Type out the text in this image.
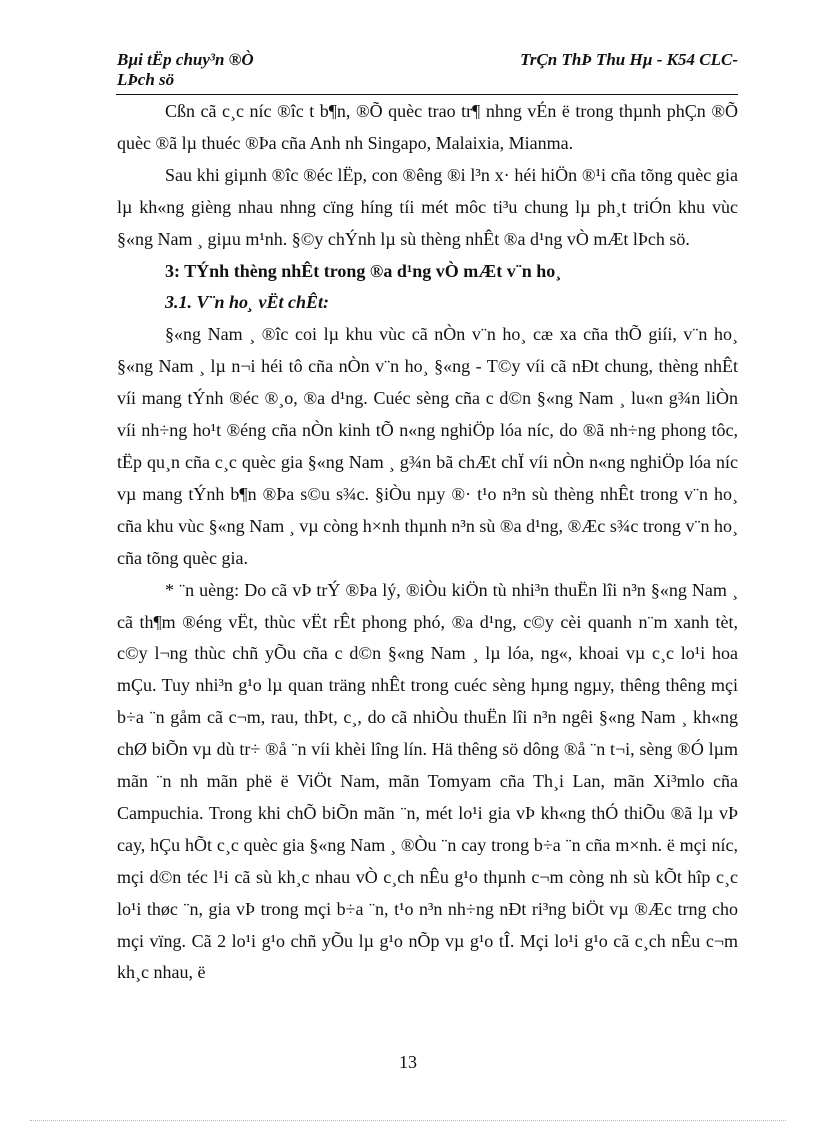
Bµi tËp chuy³n ®Ò
LÞch sö
TrÇn ThÞ Thu Hµ - K54 CLC-

Cßn cã c¸c níc ®îc t b¶n, ®Õ quèc trao tr¶ nhng vÉn ë trong thµnh phÇn ®Õ quèc ®ã lµ thuéc ®Þa cña Anh nh Singapo, Malaixia, Mianma.

Sau khi giµnh ®îc ®éc lËp, con ®êng ®i l³n x· héi hiÖn ®¹i cña tõng quèc gia lµ kh«ng gièng nhau nhng cïng híng tíi mét môc ti³u chung lµ ph¸t triÓn khu vùc §«ng Nam ¸ giµu m¹nh. §©y chÝnh lµ sù thèng nhÊt ®a d¹ng vÒ mÆt lÞch sö.

3: TÝnh thèng nhÊt trong ®a d¹ng vÒ mÆt v¨n ho¸

3.1. V¨n ho¸ vËt chÊt:

§«ng Nam ¸ ®îc coi lµ khu vùc cã nÒn v¨n ho¸ cæ xa cña thÕ giíi, v¨n ho¸ §«ng Nam ¸ lµ n¬i héi tô cña nÒn v¨n ho¸ §«ng - T©y víi cã nÐt chung, thèng nhÊt víi mang tÝnh ®éc ®¸o, ®a d¹ng. Cuéc sèng cña c d©n §«ng Nam ¸ lu«n g¾n liÒn víi nh÷ng ho¹t ®éng cña nÒn kinh tÕ n«ng nghiÖp lóa níc, do ®ã nh÷ng phong tôc, tËp qu¸n cña c¸c quèc gia §«ng Nam ¸ g¾n bã chÆt chÏ víi nÒn n«ng nghiÖp lóa níc vµ mang tÝnh b¶n ®Þa s©u s¾c. §iÒu nµy ®· t¹o n³n sù thèng nhÊt trong v¨n ho¸ cña khu vùc §«ng Nam ¸ vµ còng h×nh thµnh n³n sù ®a d¹ng, ®Æc s¾c trong v¨n ho¸ cña tõng quèc gia.

* ¨n uèng: Do cã vÞ trÝ ®Þa lý, ®iÒu kiÖn tù nhi³n thuËn lîi n³n §«ng Nam ¸ cã th¶m ®éng vËt, thùc vËt rÊt phong phó, ®a d¹ng, c©y cèi quanh n¨m xanh tèt, c©y l¬ng thùc chñ yÕu cña c d©n §«ng Nam ¸ lµ lóa, ng«, khoai vµ c¸c lo¹i hoa mÇu. Tuy nhi³n g¹o lµ quan träng nhÊt trong cuéc sèng hµng ngµy, thêng thêng mçi b÷a ¨n gåm cã c¬m, rau, thÞt, c¸, do cã nhiÒu thuËn lîi n³n ngêi §«ng Nam ¸ kh«ng chØ biÕn vµ dù tr÷ ®å ¨n víi khèi lîng lín. Hä thêng sö dông ®å ¨n t¬i, sèng ®Ó lµm mãn ¨n nh mãn phë ë ViÖt Nam, mãn Tomyam cña Th¸i Lan, mãn Xi³mlo cña Campuchia. Trong khi chÕ biÕn mãn ¨n, mét lo¹i gia vÞ kh«ng thÓ thiÕu ®ã lµ vÞ cay, hÇu hÕt c¸c quèc gia §«ng Nam ¸ ®Òu ¨n cay trong b÷a ¨n cña m×nh. ë mçi níc, mçi d©n téc l¹i cã sù kh¸c nhau vÒ c¸ch nÊu g¹o thµnh c¬m còng nh sù kÕt hîp c¸c lo¹i thøc ¨n, gia vÞ trong mçi b÷a ¨n, t¹o n³n nh÷ng nÐt ri³ng biÖt vµ ®Æc trng cho mçi vïng. Cã 2 lo¹i g¹o chñ yÕu lµ g¹o nÕp vµ g¹o tÎ. Mçi lo¹i g¹o cã c¸ch nÊu c¬m kh¸c nhau, ë

13
